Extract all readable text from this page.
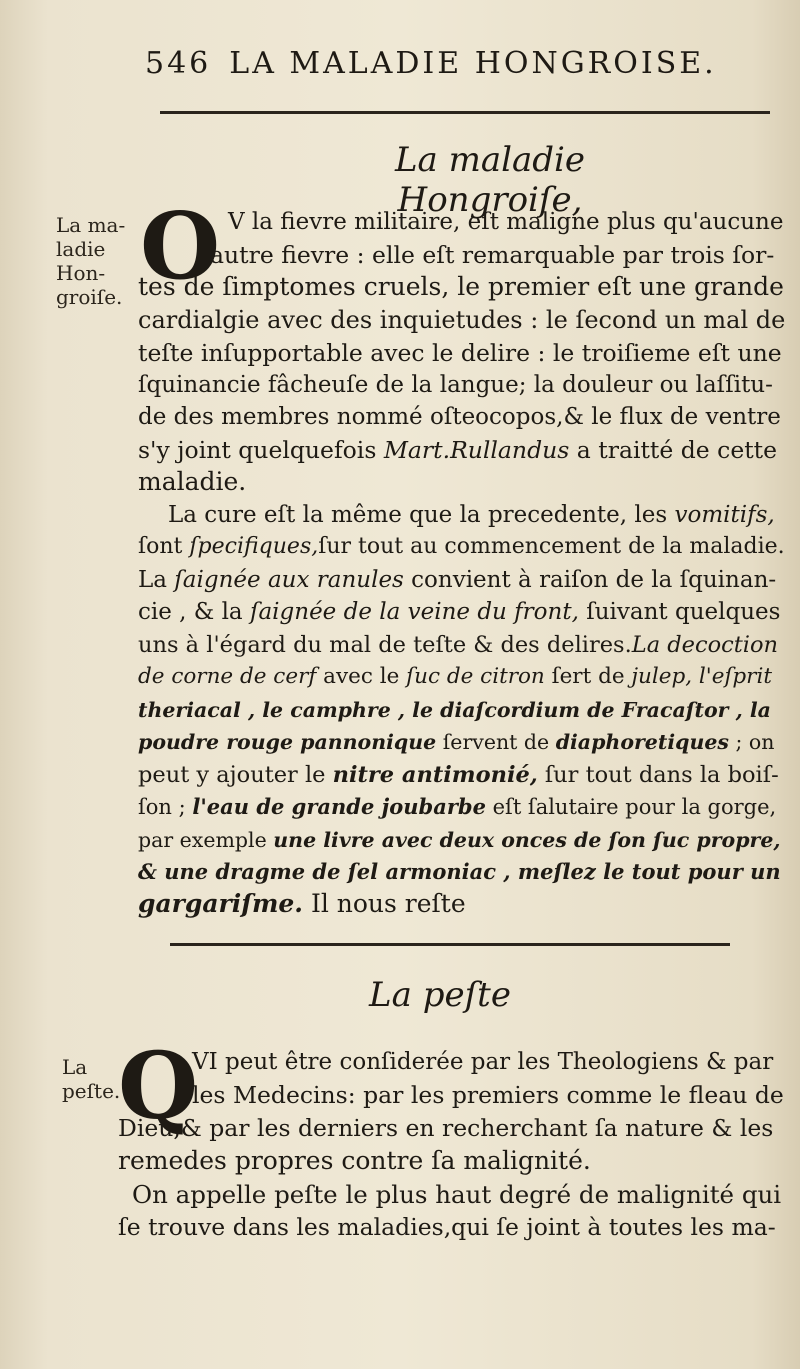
546 LA MALADIE HONGROISE.
La maladie Hongroiſe,
La ma-
ladie
Hon-
groiſe. O V la fievre militaire, eſt maligne plus qu'aucune
autre fievre : elle eſt remarquable par trois ſor-
tes de ſimptomes cruels, le premier eſt une grande
cardialgie avec des inquietudes : le ſecond un mal de
teſte inſupportable avec le delire : le troiſieme eſt une
ſquinancie fâcheuſe de la langue; la douleur ou laſſitu-
de des membres nommé oſteocopos,& le flux de ventre
s'y joint quelquefois Mart.Rullandus a traitté de cette
maladie.
La cure eſt la même que la precedente, les vomitifs,
ſont ſpecifiques,ſur tout au commencement de la maladie.
La ſaignée aux ranules convient à raiſon de la ſquinan-
cie , & la ſaignée de la veine du front, ſuivant quelques
uns à l'égard du mal de teſte & des delires.La decoction
de corne de cerf avec le ſuc de citron ſert de julep, l'eſprit
theriacal , le camphre , le diaſcordium de Fracaſtor , la
poudre rouge pannonique ſervent de diaphoretiques ; on
peut y ajouter le nitre antimonié, ſur tout dans la boiſ-
ſon ; l'eau de grande joubarbe eſt ſalutaire pour la gorge,
par exemple une livre avec deux onces de ſon ſuc propre,
& une dragme de ſel armoniac , meſlez le tout pour un
gargariſme. Il nous reſte
La peſte
La
peſte.
Q
VI peut être conſiderée par les Theologiens & par
les Medecins: par les premiers comme le fleau de
Dieu,& par les derniers en recherchant ſa nature & les
remedes propres contre ſa malignité.
On appelle peſte le plus haut degré de malignité qui
ſe trouve dans les maladies,qui ſe joint à toutes les ma-
